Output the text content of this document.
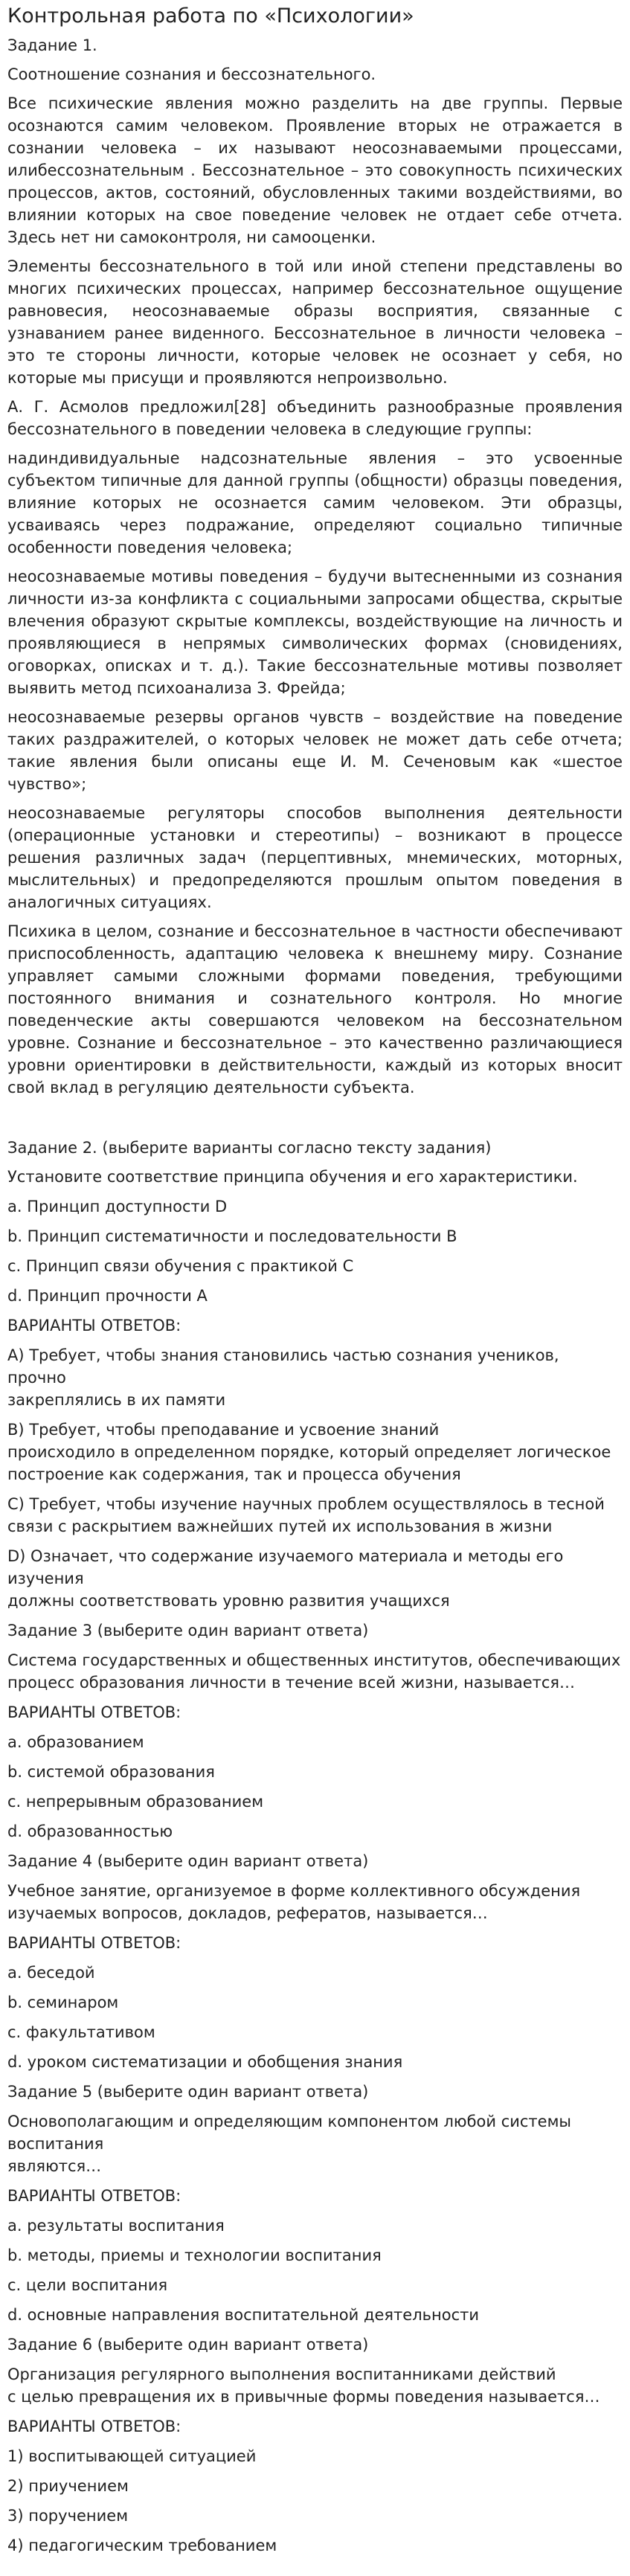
Контрольная работа по «Психологии»

Задание 1.

Соотношение сознания и бессознательного.

Все психические явления можно разделить на две группы. Первые осознаются самим человеком. Проявление вторых не отражается в сознании человека – их называют неосознаваемыми процессами, илибессознательным . Бессознательное – это совокупность психических процессов, актов, состояний, обусловленных такими воздействиями, во влиянии которых на свое поведение человек не отдает себе отчета. Здесь нет ни самоконтроля, ни самооценки.

Элементы бессознательного в той или иной степени представлены во многих психических процессах, например бессознательное ощущение равновесия, неосознаваемые образы восприятия, связанные с узнаванием ранее виденного. Бессознательное в личности человека – это те стороны личности, которые человек не осознает у себя, но которые мы присущи и проявляются непроизвольно.

А. Г. Асмолов предложил[28] объединить разнообразные проявления бессознательного в поведении человека в следующие группы:

надиндивидуальные надсознательные явления – это усвоенные субъектом типичные для данной группы (общности) образцы поведения, влияние которых не осознается самим человеком. Эти образцы, усваиваясь через подражание, определяют социально типичные особенности поведения человека;

неосознаваемые мотивы поведения – будучи вытесненными из сознания личности из-за конфликта с социальными запросами общества, скрытые влечения образуют скрытые комплексы, воздействующие на личность и проявляющиеся в непрямых символических формах (сновидениях, оговорках, описках и т. д.). Такие бессознательные мотивы позволяет выявить метод психоанализа З. Фрейда;

неосознаваемые резервы органов чувств – воздействие на поведение таких раздражителей, о которых человек не может дать себе отчета; такие явления были описаны еще И. М. Сеченовым как «шестое чувство»;

неосознаваемые регуляторы способов выполнения деятельности (операционные установки и стереотипы) – возникают в процессе решения различных задач (перцептивных, мнемических, моторных, мыслительных) и предопределяются прошлым опытом поведения в аналогичных ситуациях.

Психика в целом, сознание и бессознательное в частности обеспечивают приспособленность, адаптацию человека к внешнему миру. Сознание управляет самыми сложными формами поведения, требующими постоянного внимания и сознательного контроля. Но многие поведенческие акты совершаются человеком на бессознательном уровне. Сознание и бессознательное – это качественно различающиеся уровни ориентировки в действительности, каждый из которых вносит свой вклад в регуляцию деятельности субъекта.

Задание 2. (выберите варианты согласно тексту задания)

Установите соответствие принципа обучения и его характеристики.

a. Принцип доступности D

b. Принцип систематичности и последовательности B

c. Принцип связи обучения с практикой C

d. Принцип прочности A

ВАРИАНТЫ ОТВЕТОВ:

А) Требует, чтобы знания становились частью сознания учеников, прочно
закреплялись в их памяти

В) Требует, чтобы преподавание и усвоение знаний
происходило в определенном порядке, который определяет логическое
построение как содержания, так и процесса обучения

С) Требует, чтобы изучение научных проблем осуществлялось в тесной
связи с раскрытием важнейших путей их использования в жизни

D) Означает, что содержание изучаемого материала и методы его изучения
должны соответствовать уровню развития учащихся

Задание 3 (выберите один вариант ответа)

Система государственных и общественных институтов, обеспечивающих
процесс образования личности в течение всей жизни, называется…

ВАРИАНТЫ ОТВЕТОВ:

a. образованием

b. системой образования

c. непрерывным образованием

d. образованностью

Задание 4 (выберите один вариант ответа)

Учебное занятие, организуемое в форме коллективного обсуждения
изучаемых вопросов, докладов, рефератов, называется…

ВАРИАНТЫ ОТВЕТОВ:

a. беседой

b. семинаром

c. факультативом

d. уроком систематизации и обобщения знания

Задание 5 (выберите один вариант ответа)

Основополагающим и определяющим компонентом любой системы воспитания
являются…

ВАРИАНТЫ ОТВЕТОВ:

a. результаты воспитания

b. методы, приемы и технологии воспитания

c. цели воспитания

d. основные направления воспитательной деятельности

Задание 6 (выберите один вариант ответа)

Организация регулярного выполнения воспитанниками действий
с целью превращения их в привычные формы поведения называется…

ВАРИАНТЫ ОТВЕТОВ:

1) воспитывающей ситуацией

2) приучением

3) поручением

4) педагогическим требованием
